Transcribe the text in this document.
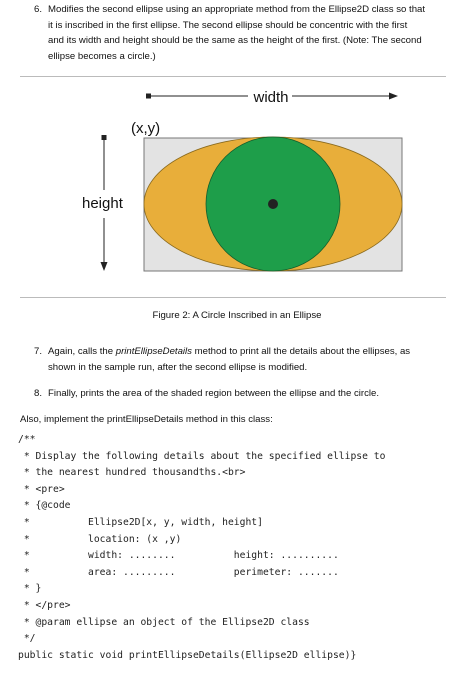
6. Modifies the second ellipse using an appropriate method from the Ellipse2D class so that
it is inscribed in the first ellipse. The second ellipse should be concentric with the first
and its width and height should be the same as the height of the first. (Note: The second
ellipse becomes a circle.)
width
(x,y)
height
Figure 2: A Circle Inscribed in an Ellipse
7. Again, calls the printEllipseDetails method to print all the details about the ellipses, as
shown in the sample run, after the second ellipse is modified.
8. Finally, prints the area of the shaded region between the ellipse and the circle.
Also, implement the printEllipseDetails method in this class:
/**
* Display the following details about the specified ellipse to
* the nearest hundred thousandths.<br>
* <pre>
* {@code
*          Ellipse2D[x, y, width, height]
*          location: (x ,y)
*          width: ........          height: ..........
*          area: .........          perimeter: .......
* }
* </pre>
* @param ellipse an object of the Ellipse2D class
*/
public static void printEllipseDetails(Ellipse2D ellipse)}
